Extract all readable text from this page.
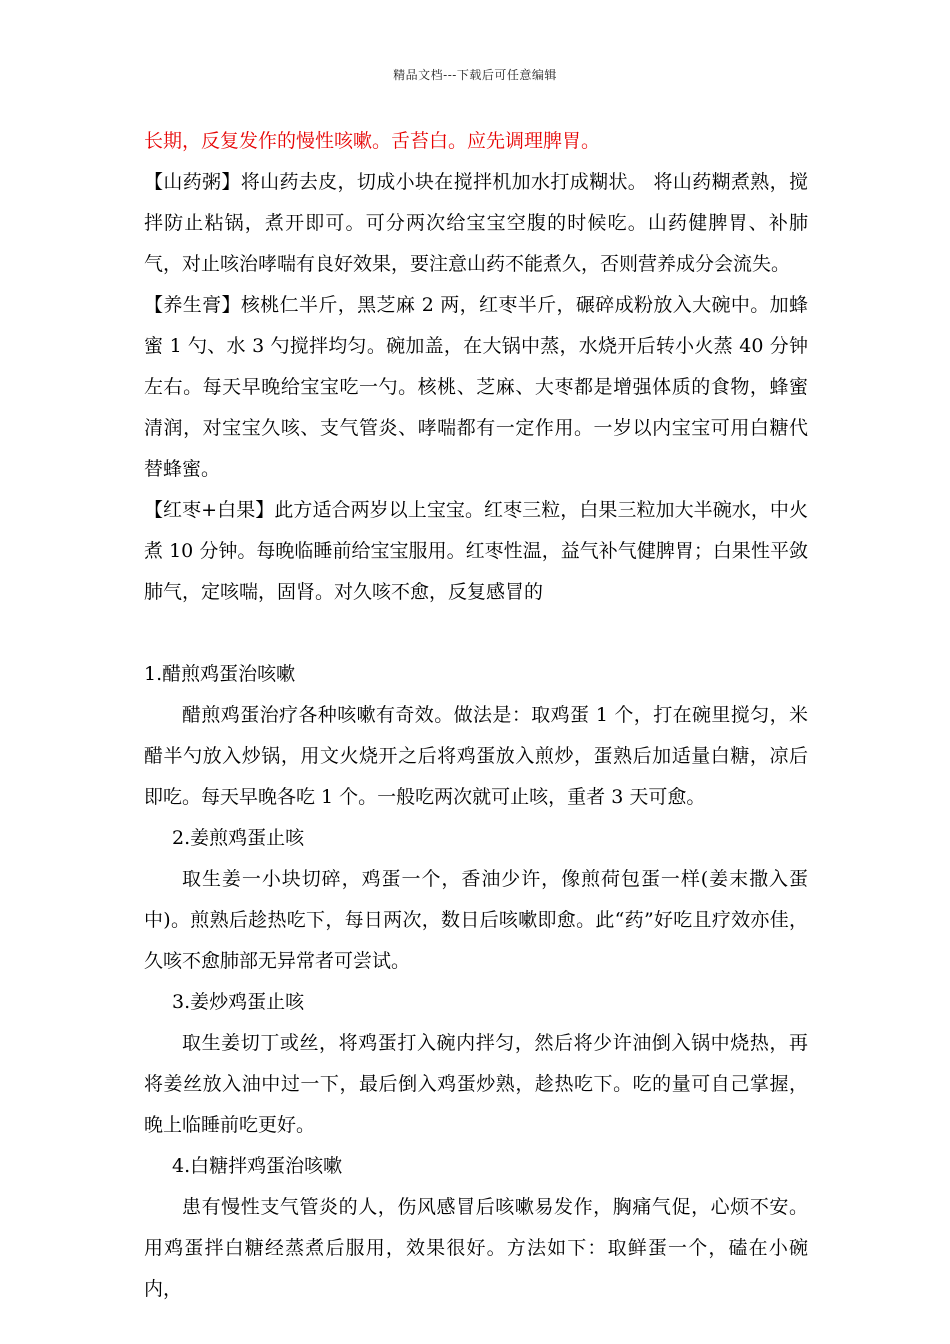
精品文档---下载后可任意编辑

长期，反复发作的慢性咳嗽。舌苔白。应先调理脾胃。

【山药粥】将山药去皮，切成小块在搅拌机加水打成糊状。 将山药糊煮熟，搅拌防止粘锅，煮开即可。可分两次给宝宝空腹的时候吃。山药健脾胃、补肺气，对止咳治哮喘有良好效果，要注意山药不能煮久，否则营养成分会流失。

【养生膏】核桃仁半斤，黑芝麻 2 两，红枣半斤，碾碎成粉放入大碗中。加蜂蜜 1 勺、水 3 勺搅拌均匀。碗加盖，在大锅中蒸，水烧开后转小火蒸 40 分钟左右。每天早晚给宝宝吃一勺。核桃、芝麻、大枣都是增强体质的食物，蜂蜜清润，对宝宝久咳、支气管炎、哮喘都有一定作用。一岁以内宝宝可用白糖代替蜂蜜。

【红枣+白果】此方适合两岁以上宝宝。红枣三粒，白果三粒加大半碗水，中火煮 10 分钟。每晚临睡前给宝宝服用。红枣性温，益气补气健脾胃；白果性平敛肺气，定咳喘，固肾。对久咳不愈，反复感冒的

1.醋煎鸡蛋治咳嗽

醋煎鸡蛋治疗各种咳嗽有奇效。做法是：取鸡蛋 1 个，打在碗里搅匀，米醋半勺放入炒锅，用文火烧开之后将鸡蛋放入煎炒，蛋熟后加适量白糖，凉后即吃。每天早晚各吃 1 个。一般吃两次就可止咳，重者 3 天可愈。

2.姜煎鸡蛋止咳

取生姜一小块切碎，鸡蛋一个，香油少许，像煎荷包蛋一样(姜末撒入蛋中)。煎熟后趁热吃下，每日两次，数日后咳嗽即愈。此“药”好吃且疗效亦佳，久咳不愈肺部无异常者可尝试。

3.姜炒鸡蛋止咳

取生姜切丁或丝，将鸡蛋打入碗内拌匀，然后将少许油倒入锅中烧热，再将姜丝放入油中过一下，最后倒入鸡蛋炒熟，趁热吃下。吃的量可自己掌握，晚上临睡前吃更好。

4.白糖拌鸡蛋治咳嗽

患有慢性支气管炎的人，伤风感冒后咳嗽易发作，胸痛气促，心烦不安。用鸡蛋拌白糖经蒸煮后服用，效果很好。方法如下：取鲜蛋一个，磕在小碗内，
